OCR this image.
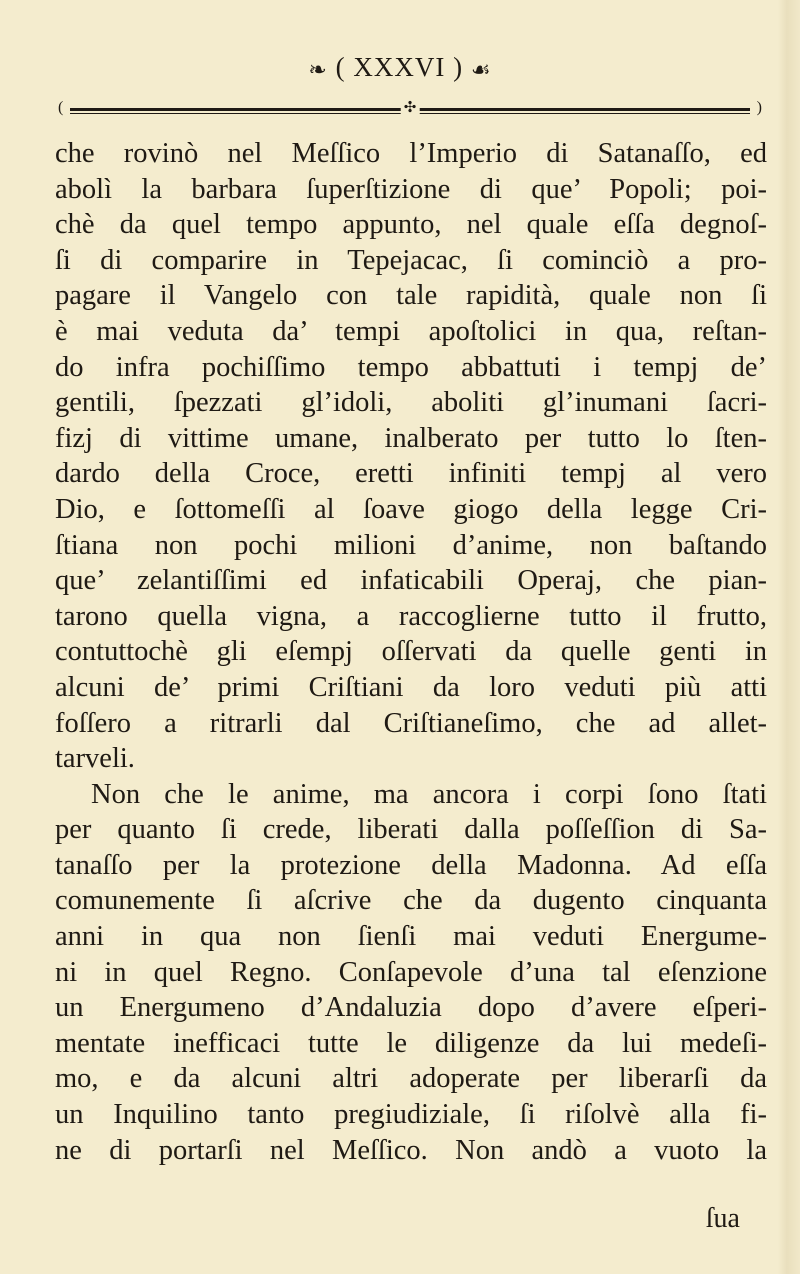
❧ ( XXXVI ) ☙
(	✣	)
che rovinò nel Meſſico l’Imperio di Satanaſſo, ed
abolì la barbara ſuperſtizione di que’ Popoli; poi-
chè da quel tempo appunto, nel quale eſſa degnoſ-
ſi di comparire in Tepejacac, ſi cominciò a pro-
pagare il Vangelo con tale rapidità, quale non ſi
è mai veduta da’ tempi apoſtolici in qua, reſtan-
do infra pochiſſimo tempo abbattuti i tempj de’
gentili, ſpezzati gl’idoli, aboliti gl’inumani ſacri-
fizj di vittime umane, inalberato per tutto lo ſten-
dardo della Croce, eretti infiniti tempj al vero
Dio, e ſottomeſſi al ſoave giogo della legge Cri-
ſtiana non pochi milioni d’anime, non baſtando
que’ zelantiſſimi ed infaticabili Operaj, che pian-
tarono quella vigna, a raccoglierne tutto il frutto,
contuttochè gli eſempj oſſervati da quelle genti in
alcuni de’ primi Criſtiani da loro veduti più atti
foſſero a ritrarli dal Criſtianeſimo, che ad allet-
tarveli.
Non che le anime, ma ancora i corpi ſono ſtati
per quanto ſi crede, liberati dalla poſſeſſion di Sa-
tanaſſo per la protezione della Madonna. Ad eſſa
comunemente ſi aſcrive che da dugento cinquanta
anni in qua non ſienſi mai veduti Energume-
ni in quel Regno. Conſapevole d’una tal eſenzione
un Energumeno d’Andaluzia dopo d’avere eſperi-
mentate inefficaci tutte le diligenze da lui medeſi-
mo, e da alcuni altri adoperate per liberarſi da
un Inquilino tanto pregiudiziale, ſi riſolvè alla fi-
ne di portarſi nel Meſſico. Non andò a vuoto la
ſua
